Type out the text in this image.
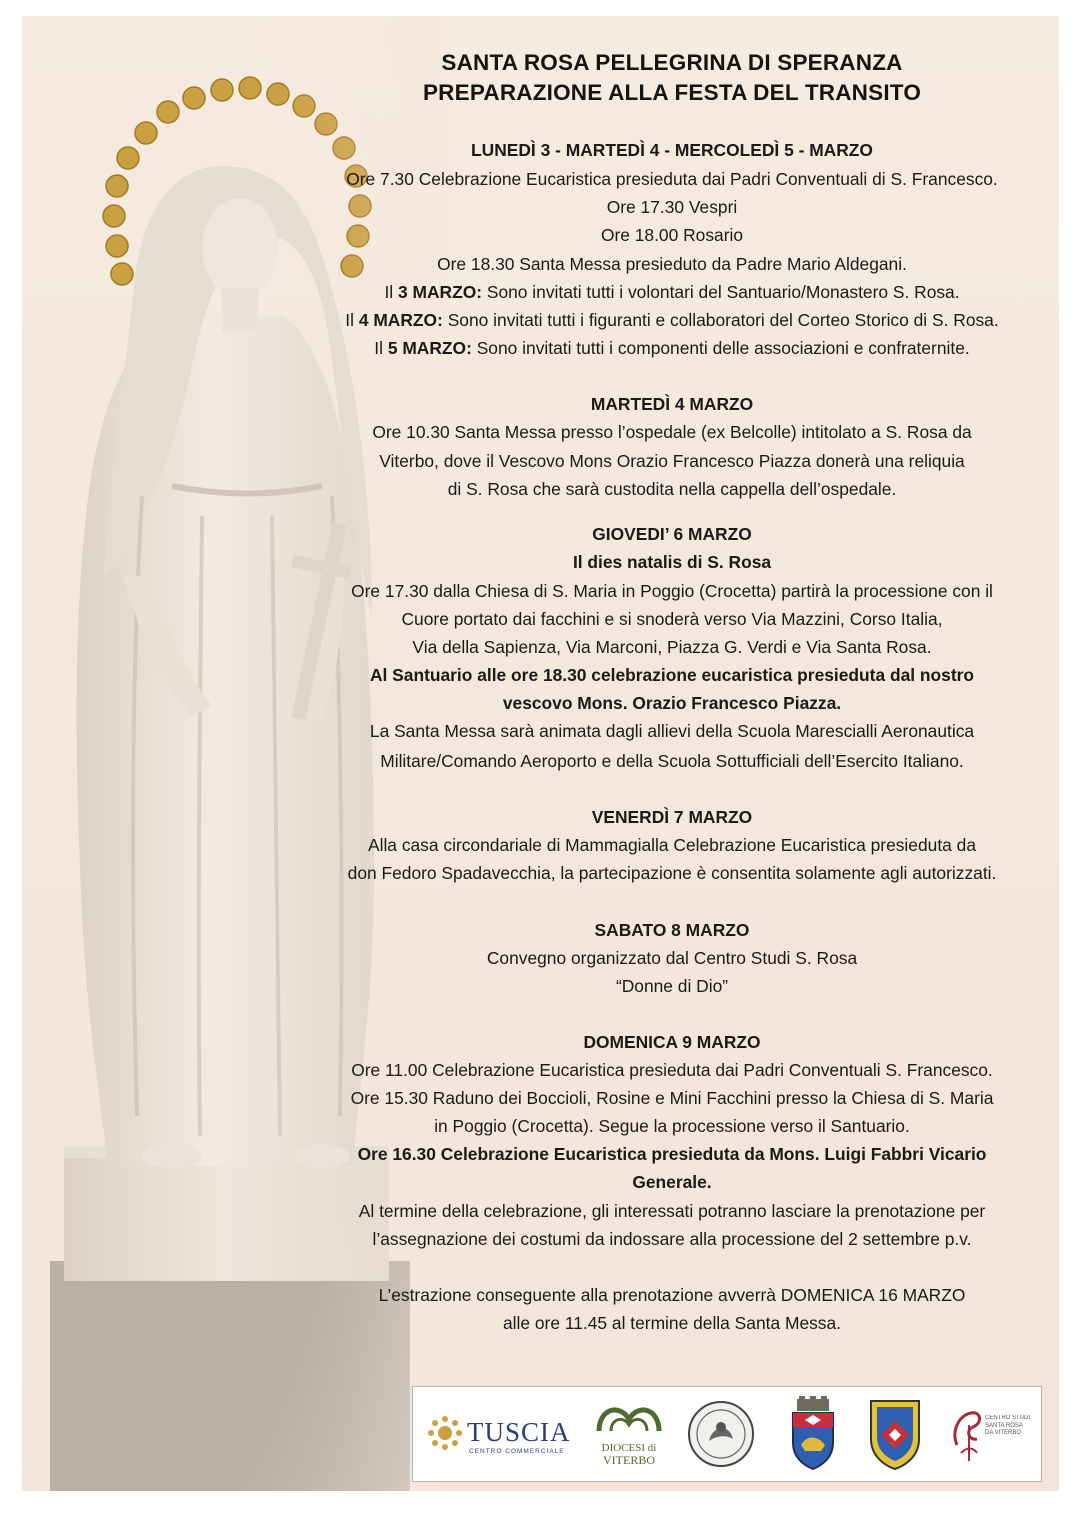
SANTA ROSA PELLEGRINA DI SPERANZA
PREPARAZIONE ALLA FESTA DEL TRANSITO
LUNEDÌ 3 - MARTEDÌ 4 - MERCOLEDÌ 5 - MARZO
Ore 7.30 Celebrazione Eucaristica presieduta dai Padri Conventuali di S. Francesco.
Ore 17.30 Vespri
Ore 18.00 Rosario
Ore 18.30 Santa Messa presieduto da Padre Mario Aldegani.
Il 3 MARZO: Sono invitati tutti i volontari del Santuario/Monastero S. Rosa.
Il 4 MARZO: Sono invitati tutti i figuranti e collaboratori del Corteo Storico di S. Rosa.
Il 5 MARZO: Sono invitati tutti i componenti delle associazioni e confraternite.
MARTEDÌ 4 MARZO
Ore 10.30 Santa Messa presso l’ospedale (ex Belcolle) intitolato a S. Rosa da
Viterbo, dove il Vescovo Mons Orazio Francesco Piazza donerà una reliquia
di S. Rosa che sarà custodita nella cappella dell’ospedale.
GIOVEDI’ 6 MARZO
Il dies natalis di S. Rosa
Ore 17.30 dalla Chiesa di S. Maria in Poggio (Crocetta) partirà la processione con il
Cuore portato dai facchini e si snoderà verso Via Mazzini, Corso Italia,
Via della Sapienza, Via Marconi, Piazza G. Verdi e Via Santa Rosa.
Al Santuario alle ore 18.30 celebrazione eucaristica presieduta dal nostro
vescovo Mons. Orazio Francesco Piazza.
La Santa Messa sarà animata dagli allievi della Scuola Marescialli Aeronautica
Militare/Comando Aeroporto e della Scuola Sottufficiali dell’Esercito Italiano.
VENERDÌ 7 MARZO
Alla casa circondariale di Mammagialla Celebrazione Eucaristica presieduta da
don Fedoro Spadavecchia, la partecipazione è consentita solamente agli autorizzati.
SABATO 8 MARZO
Convegno organizzato dal Centro Studi S. Rosa
“Donne di Dio”
DOMENICA 9 MARZO
Ore 11.00 Celebrazione Eucaristica presieduta dai Padri Conventuali S. Francesco.
Ore 15.30 Raduno dei Boccioli, Rosine e Mini Facchini presso la Chiesa di S. Maria
in Poggio (Crocetta). Segue la processione verso il Santuario.
Ore 16.30 Celebrazione Eucaristica presieduta da Mons. Luigi Fabbri Vicario
Generale.
Al termine della celebrazione, gli interessati potranno lasciare la prenotazione per
l’assegnazione dei costumi da indossare alla processione del 2 settembre p.v.
L’estrazione conseguente alla prenotazione avverrà DOMENICA 16 MARZO
alle ore 11.45 al termine della Santa Messa.
TUSCIA
CENTRO COMMERCIALE	DIOCESI di
VITERBO
CENTRO STUDI SANTA ROSA DA VITERBO
